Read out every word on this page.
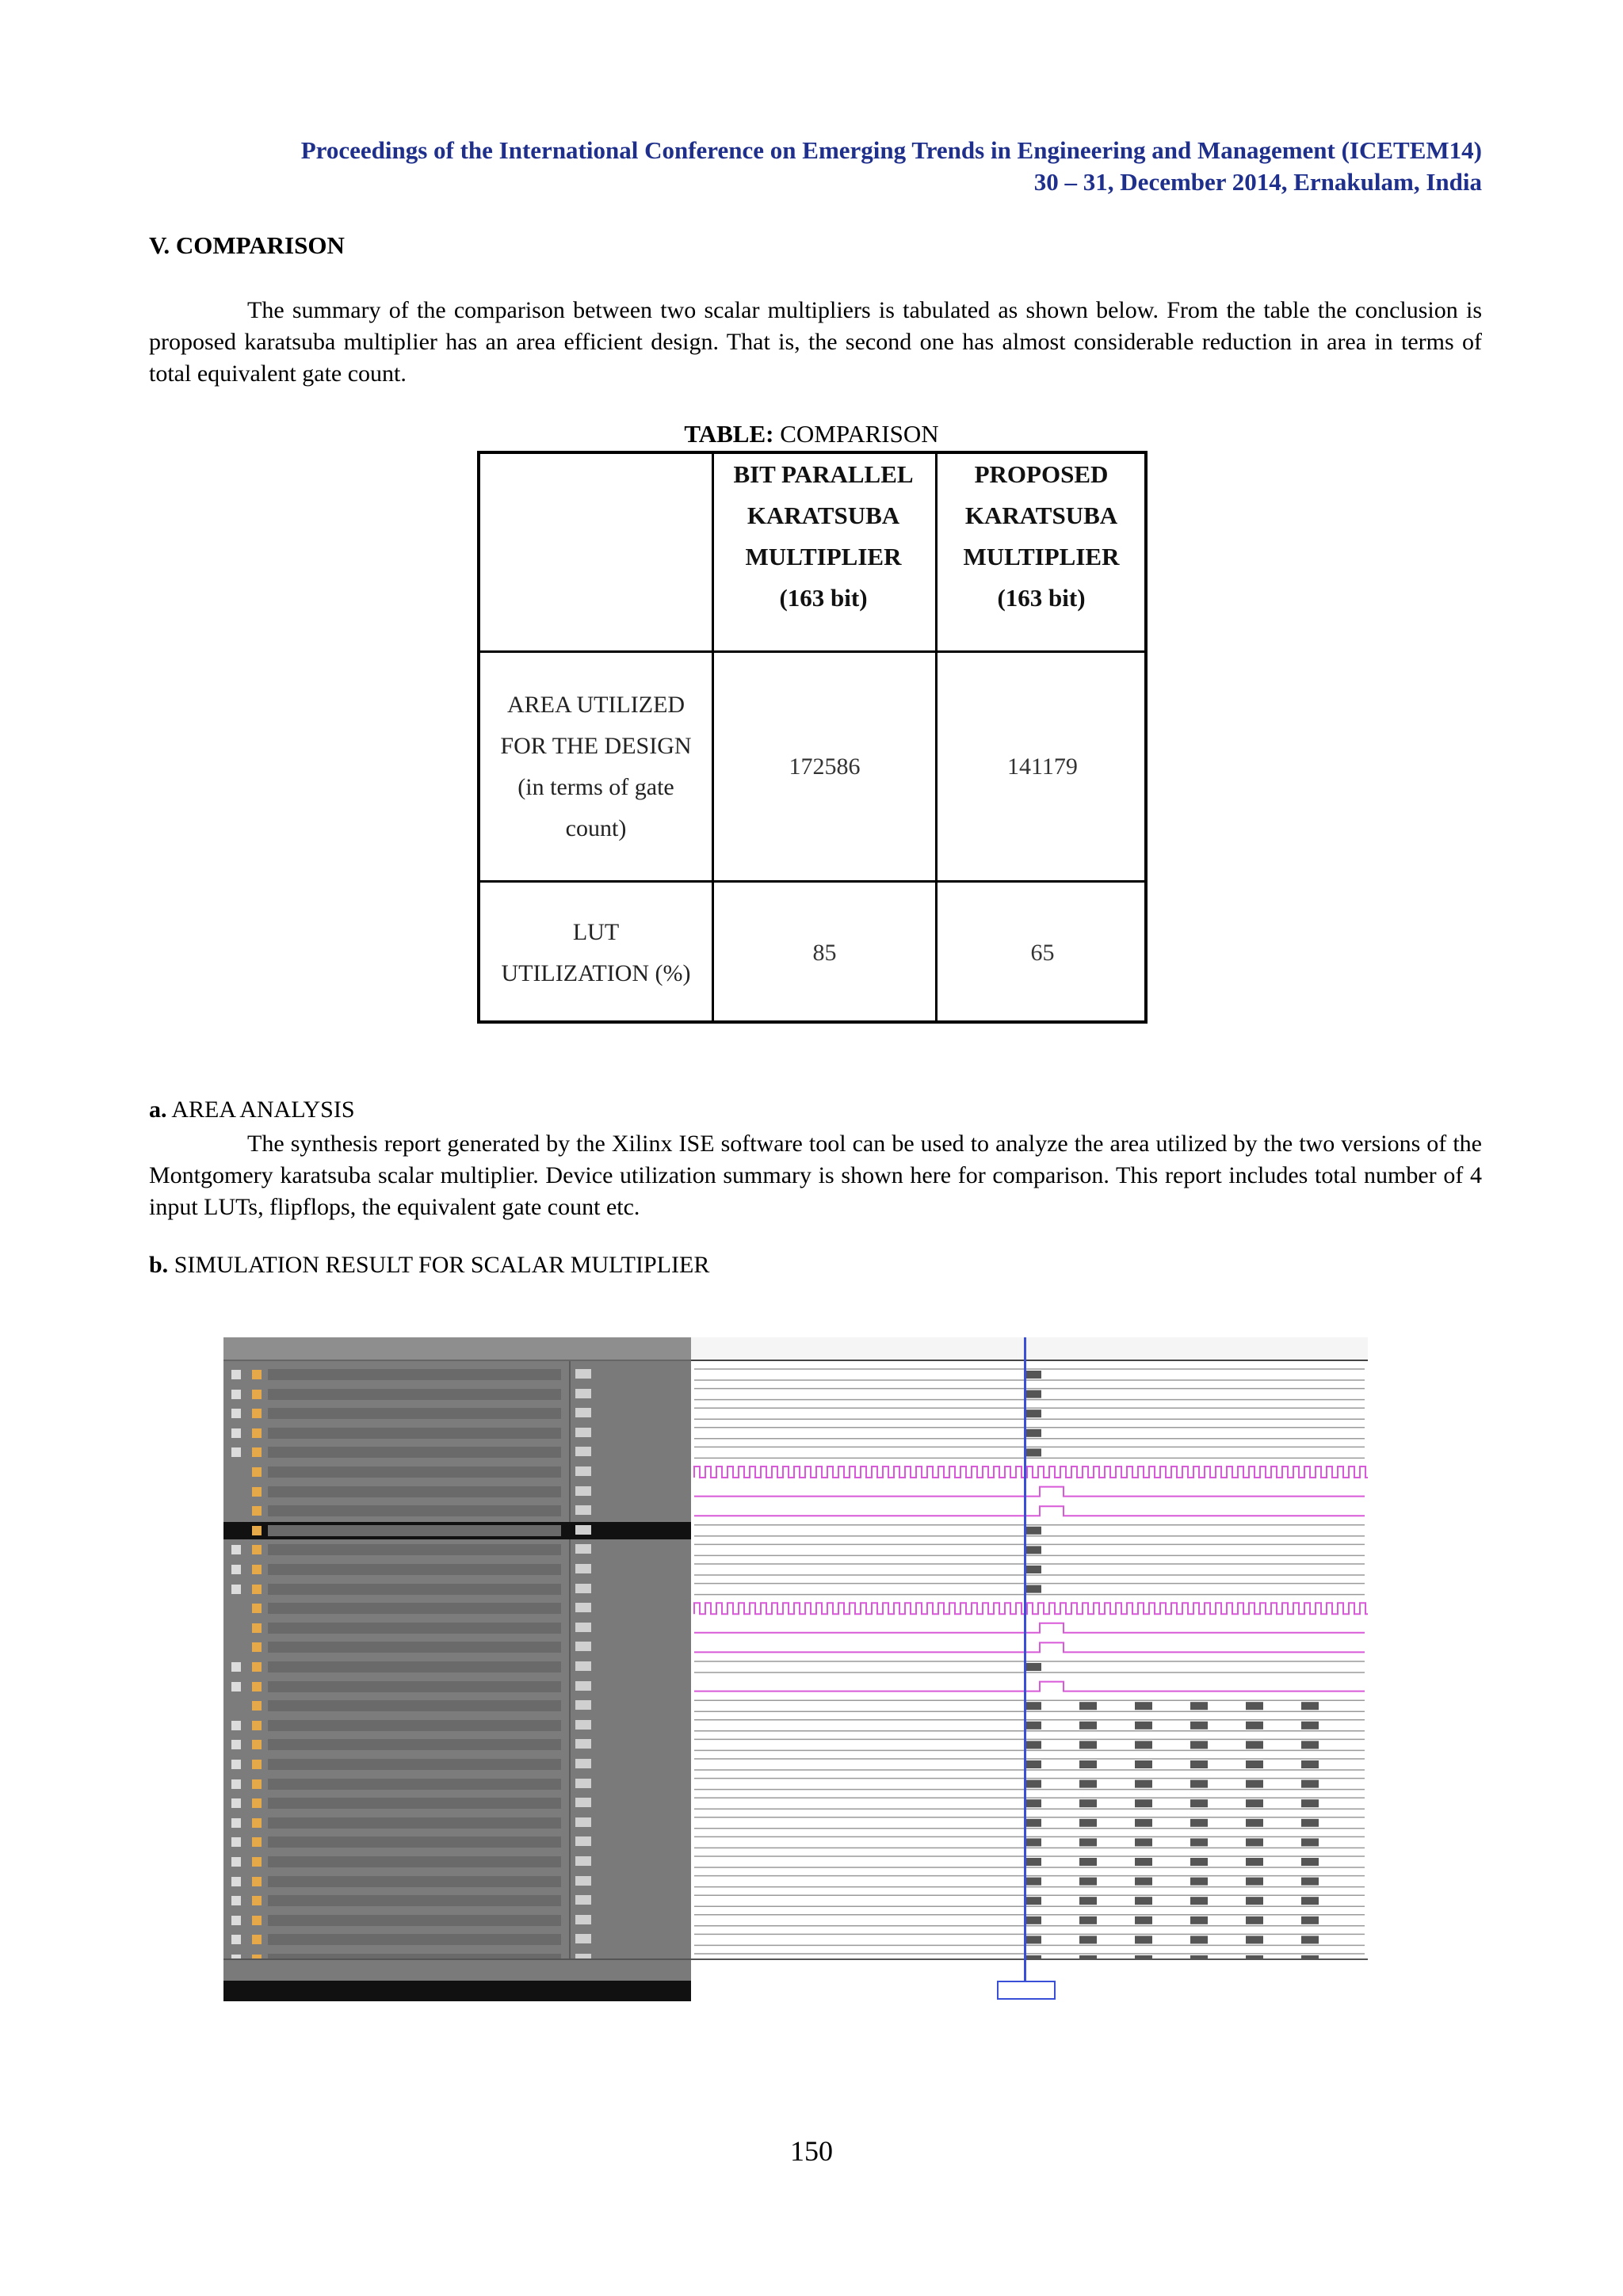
Proceedings of the International Conference on Emerging Trends in Engineering and Management (ICETEM14)
30 – 31, December 2014, Ernakulam, India
V. COMPARISON
The summary of the comparison between two scalar multipliers is tabulated as shown below. From the table the conclusion is proposed karatsuba multiplier has an area efficient design. That is, the second one has almost considerable reduction in area in terms of total equivalent gate count.
TABLE: COMPARISON
BIT PARALLEL
KARATSUBA
MULTIPLIER
(163 bit)
PROPOSED
KARATSUBA
MULTIPLIER
(163 bit)
AREA UTILIZED
FOR THE DESIGN
(in terms of gate
count)
172586	141179
LUT
UTILIZATION (%)
85	65
a. AREA ANALYSIS
The synthesis report generated by the Xilinx ISE software tool can be used to analyze the area utilized by the two versions of the Montgomery karatsuba scalar multiplier. Device utilization summary is shown here for comparison. This report includes total number of 4 input LUTs, flipflops, the equivalent gate count etc.
b. SIMULATION RESULT FOR SCALAR MULTIPLIER
150
